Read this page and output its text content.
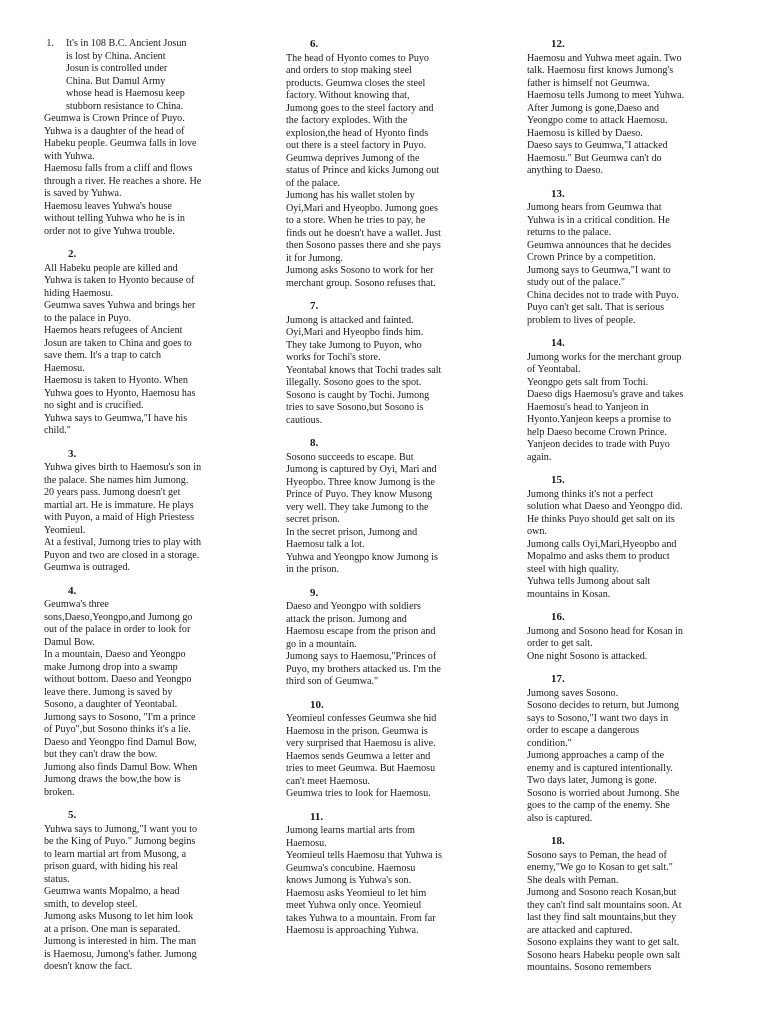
1.	It's in 108 B.C. Ancient Josun
is lost by China. Ancient
Josun is controlled under
China. But Damul Army
whose head is Haemosu keep
stubborn resistance to China.
Geumwa is Crown Prince of Puyo.
Yuhwa is a daughter of the head of
Habeku people. Geumwa falls in love
with Yuhwa.
Haemosu falls from a cliff and flows
through a river. He reaches a shore. He
is saved by Yuhwa.
Haemosu leaves Yuhwa's house
without telling Yuhwa who he is in
order not to give Yuhwa trouble.
2.
All Habeku people are killed and
Yuhwa is taken to Hyonto because of
hiding Haemosu.
Geumwa saves Yuhwa and brings her
to the palace in Puyo.
Haemos hears refugees of Ancient
Josun are taken to China and goes to
save them. It's a trap to catch
Haemosu.
Haemosu is taken to Hyonto. When
Yuhwa goes to Hyonto, Haemosu has
no sight and is crucified.
Yuhwa says to Geumwa,"I have his
child."
3.
Yuhwa gives birth to Haemosu's son in
the palace. She names him Jumong.
20 years pass. Jumong doesn't get
martial art. He is immature. He plays
with Puyon, a maid of High Priestess
Yeomieul.
At a festival, Jumong tries to play with
Puyon and two are closed in a storage.
Geumwa is outraged.
4.
Geumwa's three
sons,Daeso,Yeongpo,and Jumong go
out of the palace in order to look for
Damul Bow.
In a mountain, Daeso and Yeongpo
make Jumong drop into a swamp
without bottom. Daeso and Yeongpo
leave there. Jumong is saved by
Sosono, a daughter of Yeontabal.
Jumong says to Sosono, "I'm a prince
of Puyo",but Sosono thinks it's a lie.
Daeso and Yeongpo find Damul Bow,
but they can't draw the bow.
Jumong also finds Damul Bow. When
Jumong draws the bow,the bow is
broken.
5.
Yuhwa says to Jumong,"I want you to
be the King of Puyo." Jumong begins
to learn martial art from Musong, a
prison guard, with hiding his real
status.
Geumwa wants Mopalmo, a head
smith, to develop steel.
Jumong asks Musong to let him look
at a prison. One man is separated.
Jumong is interested in him. The man
is Haemosu, Jumong's father. Jumong
doesn't know the fact.
6.
The head of Hyonto comes to Puyo
and orders to stop making steel
products. Geumwa closes the steel
factory. Without knowing that,
Jumong goes to the steel factory and
the factory explodes. With the
explosion,the head of Hyonto finds
out there is a steel factory in Puyo.
Geumwa deprives Jumong of the
status of Prince and kicks Jumong out
of the palace.
Jumong has his wallet stolen by
Oyi,Mari and Hyeopbo. Jumong goes
to a store. When he tries to pay, he
finds out he doesn't have a wallet. Just
then Sosono passes there and she pays
it for Jumong.
Jumong asks Sosono to work for her
merchant group. Sosono refuses that.
7.
Jumong is attacked and fainted.
Oyi,Mari and Hyeopbo finds him.
They take Jumong to Puyon, who
works for Tochi's store.
Yeontabal knows that Tochi trades salt
illegally. Sosono goes to the spot.
Sosono is caught by Tochi. Jumong
tries to save Sosono,but Sosono is
cautious.
8.
Sosono succeeds to escape. But
Jumong is captured by Oyi, Mari and
Hyeopbo. Three know Jumong is the
Prince of Puyo. They know Musong
very well. They take Jumong to the
secret prison.
In the secret prison, Jumong and
Haemosu talk a lot.
Yuhwa and Yeongpo know Jumong is
in the prison.
9.
Daeso and Yeongpo with soldiers
attack the prison. Jumong and
Haemosu escape from the prison and
go in a mountain.
Jumong says to Haemosu,"Princes of
Puyo, my brothers attacked us. I'm the
third son of Geumwa."
10.
Yeomieul confesses Geumwa she hid
Haemosu in the prison. Geumwa is
very surprised that Haemosu is alive.
Haemos sends Geumwa a letter and
tries to meet Geumwa. But Haemosu
can't meet Haemosu.
Geumwa tries to look for Haemosu.
11.
Jumong learns martial arts from
Haemosu.
Yeomieul tells Haemosu that Yuhwa is
Geumwa's concubine. Haemosu
knows Jumong is Yuhwa's son.
Haemosu asks Yeomieul to let him
meet Yuhwa only once. Yeomieul
takes Yuhwa to a mountain. From far
Haemosu is approaching Yuhwa.
12.
Haemosu and Yuhwa meet again. Two
talk. Haemosu first knows Jumong's
father is himself not Geumwa.
Haemosu tells Jumong to meet Yuhwa.
After Jumong is gone,Daeso and
Yeongpo come to attack Haemosu.
Haemosu is killed by Daeso.
Daeso says to Geumwa,"I attacked
Haemosu." But Geumwa can't do
anything to Daeso.
13.
Jumong hears from Geumwa that
Yuhwa is in a critical condition. He
returns to the palace.
Geumwa announces that he decides
Crown Prince by a competition.
Jumong says to Geumwa,"I want to
study out of the palace."
China decides not to trade with Puyo.
Puyo can't get salt. That is serious
problem to lives of people.
14.
Jumong works for the merchant group
of Yeontabal.
Yeongpo gets salt from Tochi.
Daeso digs Haemosu's grave and takes
Haemosu's head to Yanjeon in
Hyonto.Yanjeon keeps a promise to
help Daeso become Crown Prince.
Yanjeon decides to trade with Puyo
again.
15.
Jumong thinks it's not a perfect
solution what Daeso and Yeongpo did.
He thinks Puyo should get salt on its
own.
Jumong calls Oyi,Mari,Hyeopbo and
Mopalmo and asks them to product
steel with high quality.
Yuhwa tells Jumong about salt
mountains in Kosan.
16.
Jumong and Sosono head for Kosan in
order to get salt.
One night Sosono is attacked.
17.
Jumong saves Sosono.
Sosono decides to return, but Jumong
says to Sosono,"I want two days in
order to escape a dangerous
condition."
Jumong approaches a camp of the
enemy and is captured intentionally.
Two days later, Jumong is gone.
Sosono is worried about Jumong. She
goes to the camp of the enemy. She
also is captured.
18.
Sosono says to Peman, the head of
enemy,"We go to Kosan to get salt."
She deals with Peman.
Jumong and Sosono reach Kosan,but
they can't find salt mountains soon. At
last they find salt mountains,but they
are attacked and captured.
Sosono explains they want to get salt.
Sosono hears Habeku people own salt
mountains. Sosono remembers
